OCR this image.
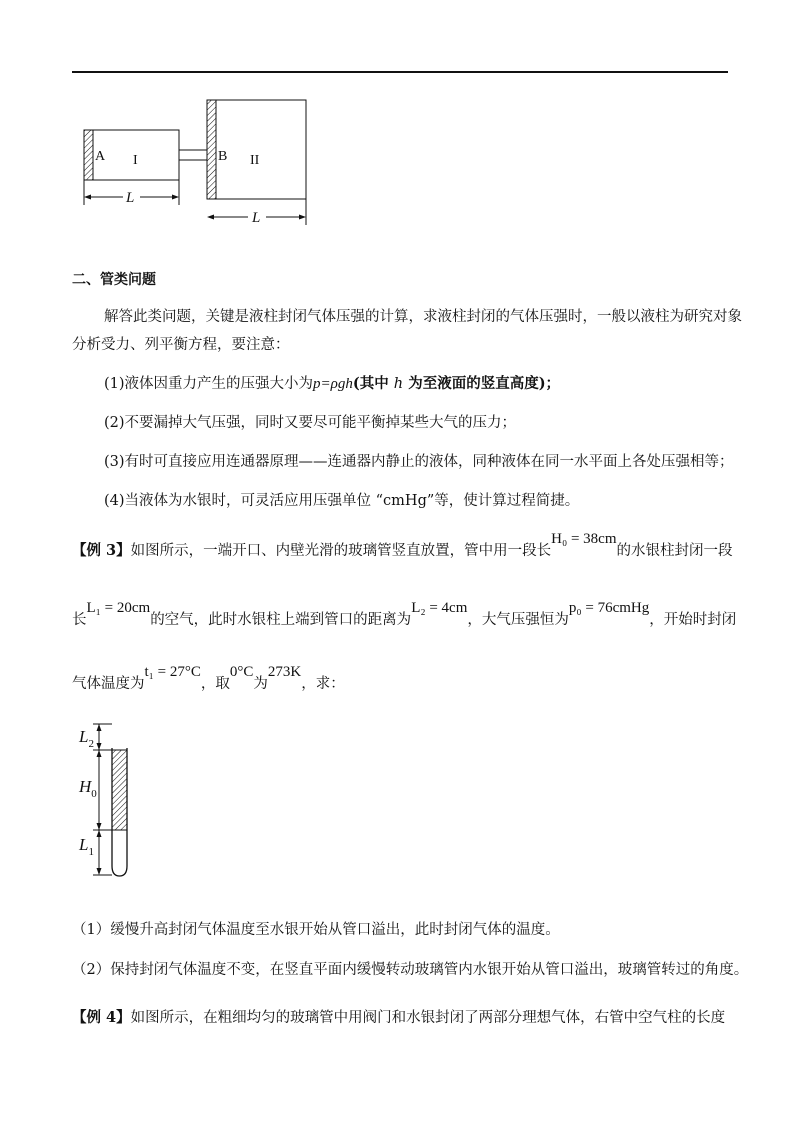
A I	B II
L
L
二、管类问题
解答此类问题，关键是液柱封闭气体压强的计算，求液柱封闭的气体压强时，一般以液柱为研究对象
分析受力、列平衡方程，要注意：
(1)液体因重力产生的压强大小为p=ρgh(其中 h 为至液面的竖直高度)；
(2)不要漏掉大气压强，同时又要尽可能平衡掉某些大气的压力；
(3)有时可直接应用连通器原理——连通器内静止的液体，同种液体在同一水平面上各处压强相等；
(4)当液体为水银时，可灵活应用压强单位 “cmHg”等，使计算过程简捷。
【例 3】如图所示，一端开口、内壁光滑的玻璃管竖直放置，管中用一段长H₀ = 38cm的水银柱封闭一段
长L₁ = 20cm的空气，此时水银柱上端到管口的距离为L₂ = 4cm，大气压强恒为p₀ = 76cmHg，开始时封闭
气体温度为t₁ = 27°C，取0°C为273K，求：
$L_2$
$H_0$
$L_1$
（1）缓慢升高封闭气体温度至水银开始从管口溢出，此时封闭气体的温度。
（2）保持封闭气体温度不变，在竖直平面内缓慢转动玻璃管内水银开始从管口溢出，玻璃管转过的角度。
【例 4】如图所示，在粗细均匀的玻璃管中用阀门和水银封闭了两部分理想气体，右管中空气柱的长度
